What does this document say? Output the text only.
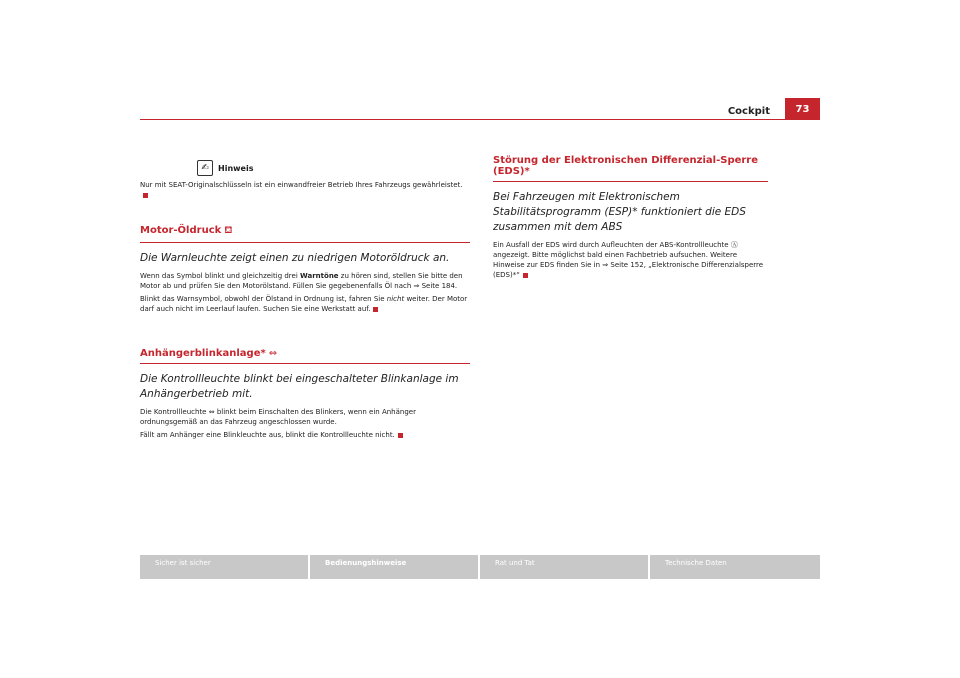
Cockpit	73
✍	Hinweis

Nur mit SEAT-Originalschlüsseln ist ein einwandfreier Betrieb Ihres Fahrzeugs gewährleistet.

Motor-Öldruck ⛾

Die Warnleuchte zeigt einen zu niedrigen Motoröldruck an.

Wenn das Symbol blinkt und gleichzeitig drei Warntöne zu hören sind, stellen Sie bitte den Motor ab und prüfen Sie den Motorölstand. Füllen Sie gegebenenfalls Öl nach ⇒ Seite 184.

Blinkt das Warnsymbol, obwohl der Ölstand in Ordnung ist, fahren Sie nicht weiter. Der Motor darf auch nicht im Leerlauf laufen. Suchen Sie eine Werkstatt auf.

Anhängerblinkanlage* ⇔

Die Kontrollleuchte blinkt bei eingeschalteter Blinkanlage im Anhängerbetrieb mit.

Die Kontrollleuchte ⇔ blinkt beim Einschalten des Blinkers, wenn ein Anhänger ordnungsgemäß an das Fahrzeug angeschlossen wurde.

Fällt am Anhänger eine Blinkleuchte aus, blinkt die Kontrollleuchte nicht.

Störung der Elektronischen Differenzial-Sperre (EDS)*

Bei Fahrzeugen mit Elektronischem Stabilitätsprogramm (ESP)* funktioniert die EDS zusammen mit dem ABS

Ein Ausfall der EDS wird durch Aufleuchten der ABS-Kontrollleuchte Ⓐ angezeigt. Bitte möglichst bald einen Fachbetrieb aufsuchen. Weitere Hinweise zur EDS finden Sie in ⇒ Seite 152, „Elektronische Differenzialsperre (EDS)*“

Sicher ist sicher	Bedienungshinweise	Rat und Tat	Technische Daten
